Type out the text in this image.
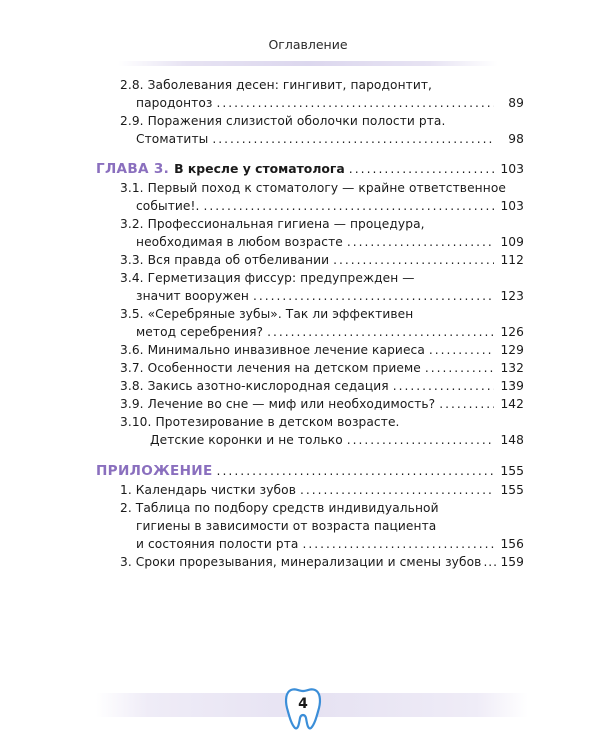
Оглавление
2.8. Заболевания десен: гингивит, пародонтит,
пародонтоз .....	89
2.9. Поражения слизистой оболочки полости рта.
Стоматиты .....	98
ГЛАВА 3. В кресле у стоматолога .....	103
3.1. Первый поход к стоматологу — крайне ответственное
событие!. .....	103
3.2. Профессиональная гигиена — процедура,
необходимая в любом возрасте .....	109
3.3. Вся правда об отбеливании .....	112
3.4. Герметизация фиссур: предупрежден —
значит вооружен .....	123
3.5. «Серебряные зубы». Так ли эффективен
метод серебрения? .....	126
3.6. Минимально инвазивное лечение кариеса .....	129
3.7. Особенности лечения на детском приеме .....	132
3.8. Закись азотно-кислородная седация .....	139
3.9. Лечение во сне — миф или необходимость? .....	142
3.10. Протезирование в детском возрасте.
Детские коронки и не только .....	148
ПРИЛОЖЕНИЕ .....	155
1. Календарь чистки зубов .....	155
2. Таблица по подбору средств индивидуальной
гигиены в зависимости от возраста пациента
и состояния полости рта .....	156
3. Сроки прорезывания, минерализации и смены зубов ..... 159
4
